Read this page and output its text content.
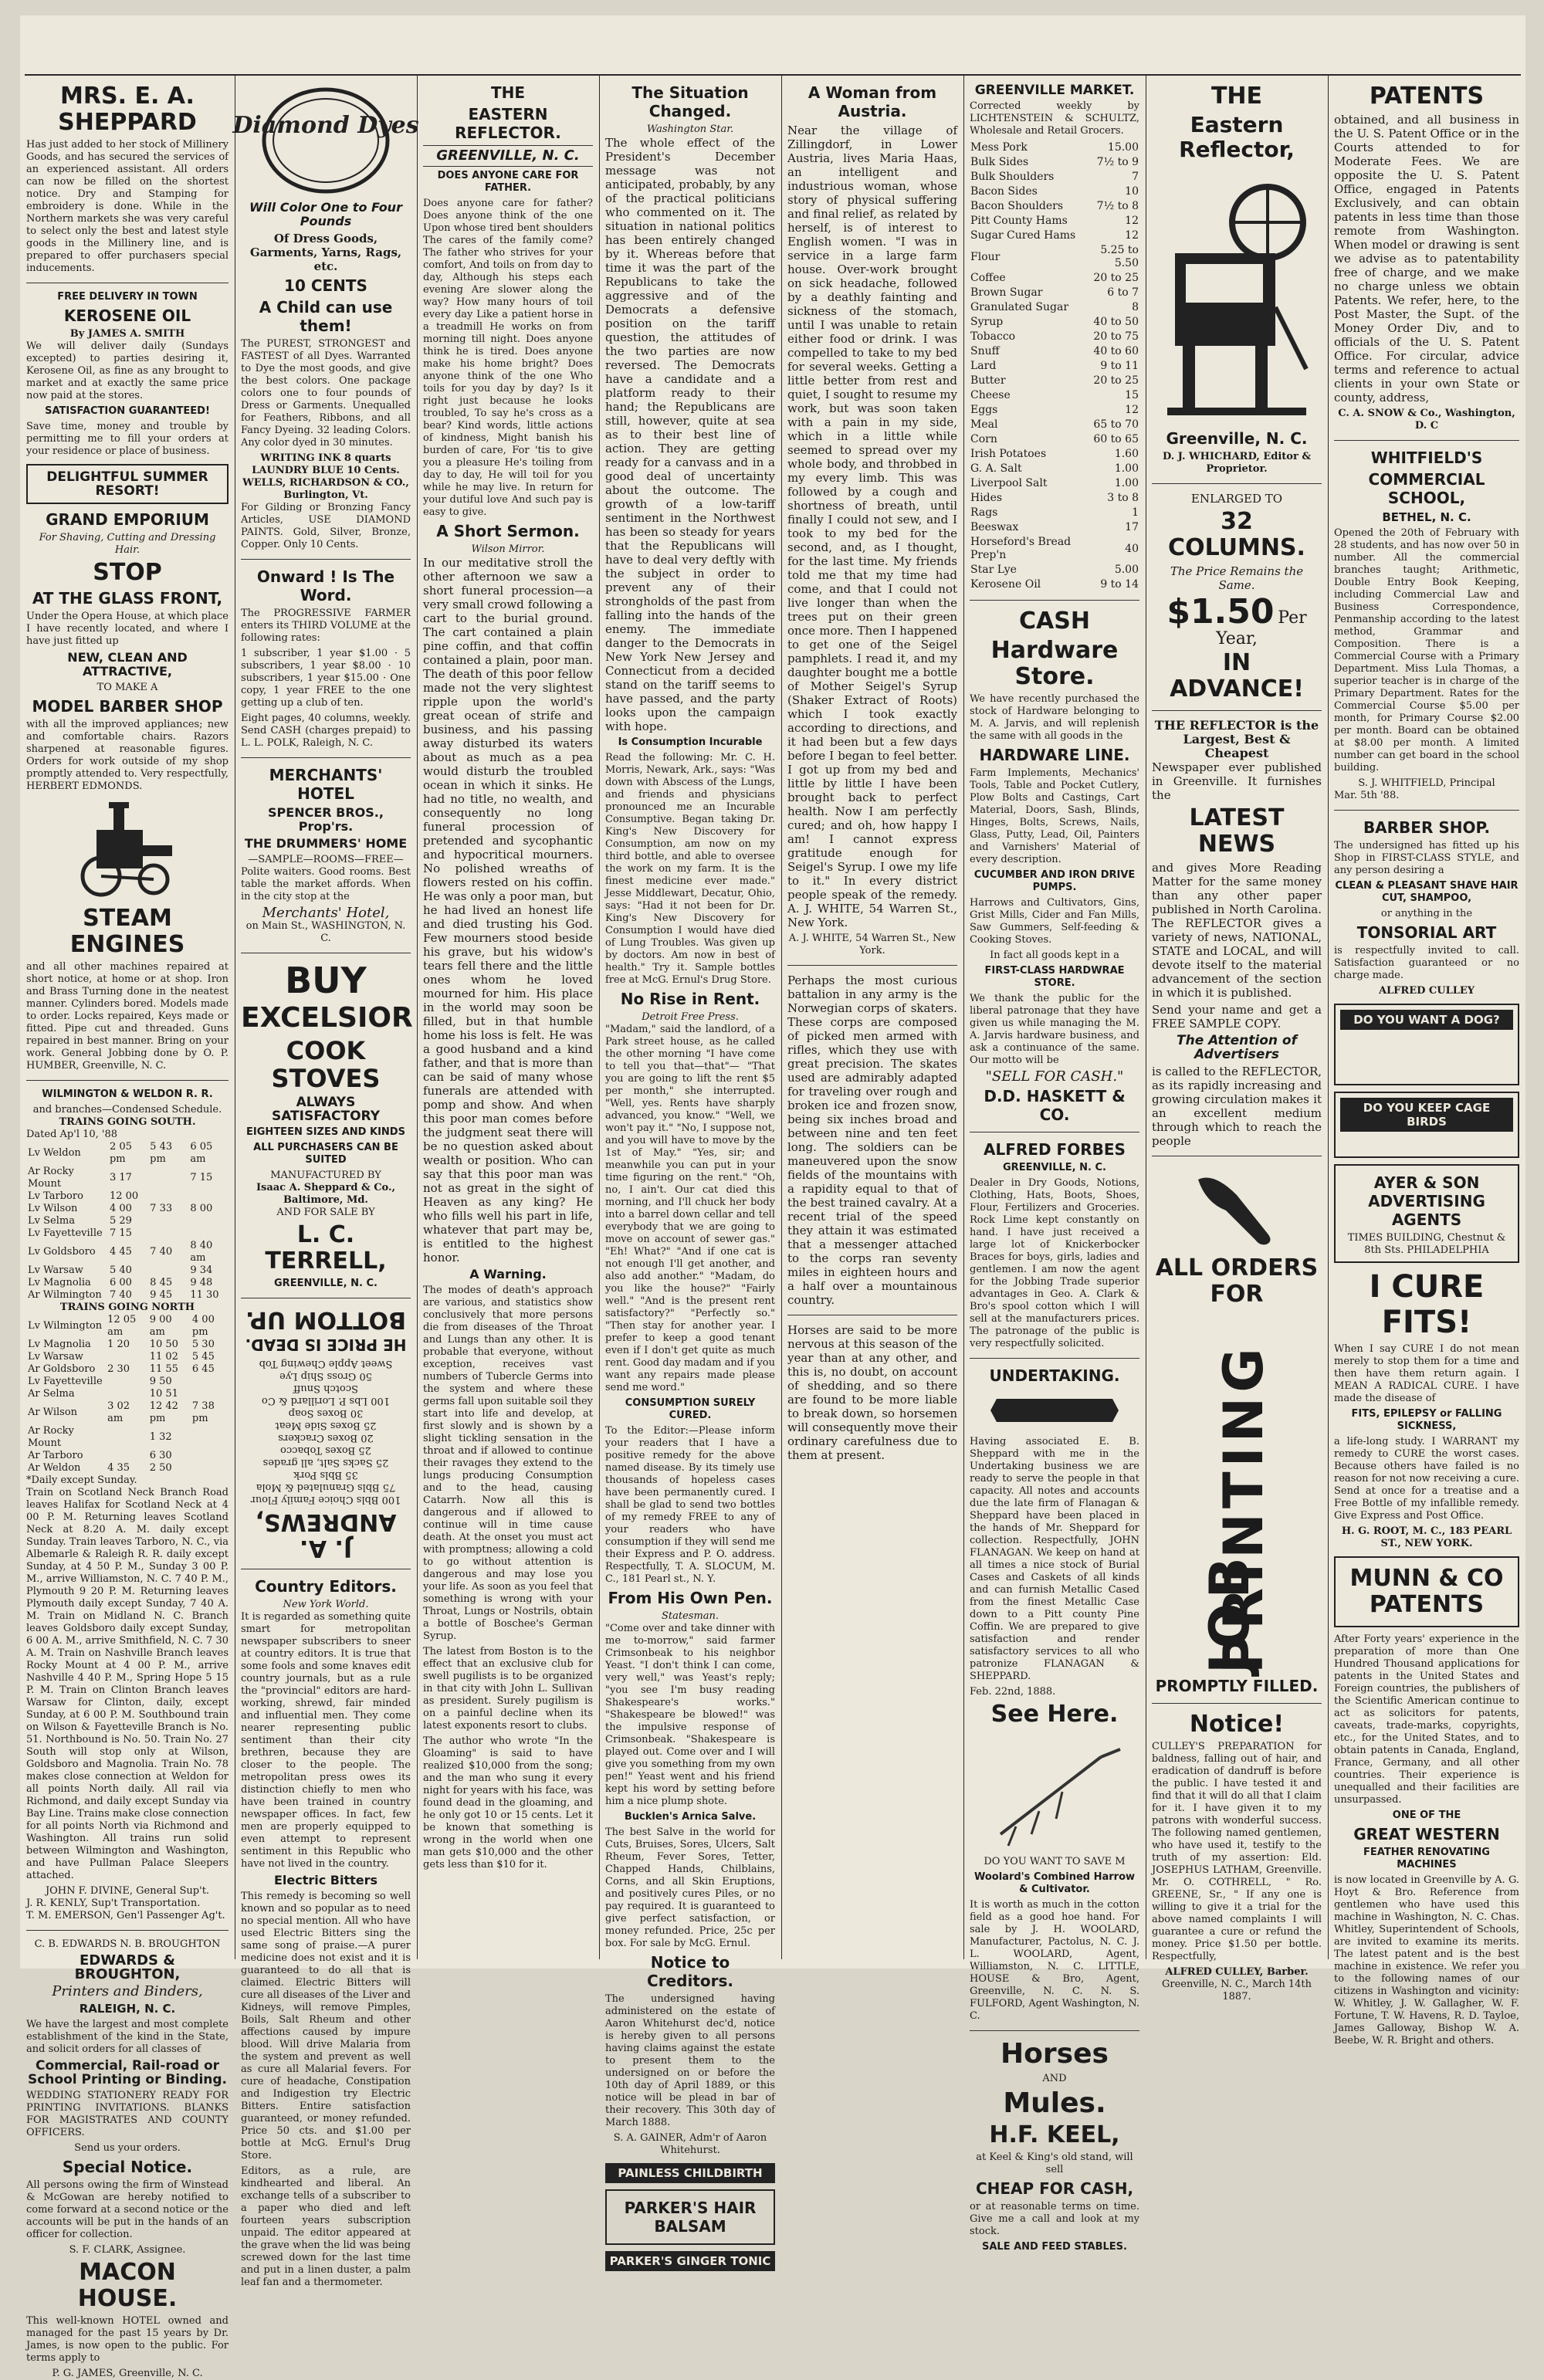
MRS. E. A. SHEPPARD

Has just added to her stock of Millinery Goods, and has secured the services of an experienced assistant. All orders can now be filled on the shortest notice. Dry and Stamping for embroidery is done. While in the Northern markets she was very careful to select only the best and latest style goods in the Millinery line, and is prepared to offer purchasers special inducements.

FREE DELIVERY IN TOWN
KEROSENE OIL
By JAMES A. SMITH

We will deliver daily (Sundays excepted) to parties desiring it, Kerosene Oil, as fine as any brought to market and at exactly the same price now paid at the stores.

SATISFACTION GUARANTEED!

Save time, money and trouble by permitting me to fill your orders at your residence or place of business.

DELIGHTFUL SUMMER RESORT!
GRAND EMPORIUM
For Shaving, Cutting and Dressing Hair.
STOP
AT THE GLASS FRONT,

Under the Opera House, at which place I have recently located, and where I have just fitted up

NEW, CLEAN AND ATTRACTIVE,
TO MAKE A
MODEL BARBER SHOP

with all the improved appliances; new and comfortable chairs. Razors sharpened at reasonable figures. Orders for work outside of my shop promptly attended to. Very respectfully, HERBERT EDMONDS.

STEAM ENGINES

and all other machines repaired at short notice, at home or at shop. Iron and Brass Turning done in the neatest manner. Cylinders bored. Models made to order. Locks repaired, Keys made or fitted. Pipe cut and threaded. Guns repaired in best manner. Bring on your work. General Jobbing done by O. P. HUMBER, Greenville, N. C.

WILMINGTON & WELDON R. R.
and branches—Condensed Schedule.
TRAINS GOING SOUTH.
Dated Ap'l 10, '88
Lv Weldon	2 05 pm	5 43 pm	6 05 am
Ar Rocky Mount	3 17		7 15
Lv Tarboro	12 00		
Lv Wilson	4 00	7 33	8 00
Lv Selma	5 29		
Lv Fayetteville	7 15		
Lv Goldsboro	4 45	7 40	8 40 am
Lv Warsaw	5 40		9 34
Lv Magnolia	6 00	8 45	9 48
Ar Wilmington	7 40	9 45	11 30
TRAINS GOING NORTH
Lv Wilmington	12 05 am	9 00 am	4 00 pm
Lv Magnolia	1 20	10 50	5 30
Lv Warsaw		11 02	5 45
Ar Goldsboro	2 30	11 55	6 45
Lv Fayetteville		9 50	
Ar Selma		10 51	
Ar Wilson	3 02 am	12 42 pm	7 38 pm
Ar Rocky Mount		1 32	
Ar Tarboro		6 30	
Ar Weldon	4 35	2 50	
*Daily except Sunday.

Train on Scotland Neck Branch Road leaves Halifax for Scotland Neck at 4 00 P. M. Returning leaves Scotland Neck at 8.20 A. M. daily except Sunday. Train leaves Tarboro, N. C., via Albemarle & Raleigh R. R. daily except Sunday, at 4 50 P. M., Sunday 3 00 P. M., arrive Williamston, N. C. 7 40 P. M., Plymouth 9 20 P. M. Returning leaves Plymouth daily except Sunday, 7 40 A. M. Train on Midland N. C. Branch leaves Goldsboro daily except Sunday, 6 00 A. M., arrive Smithfield, N. C. 7 30 A. M. Train on Nashville Branch leaves Rocky Mount at 4 00 P. M., arrive Nashville 4 40 P. M., Spring Hope 5 15 P. M. Train on Clinton Branch leaves Warsaw for Clinton, daily, except Sunday, at 6 00 P. M. Southbound train on Wilson & Fayetteville Branch is No. 51. Northbound is No. 50. Train No. 27 South will stop only at Wilson, Goldsboro and Magnolia. Train No. 78 makes close connection at Weldon for all points North daily. All rail via Richmond, and daily except Sunday via Bay Line. Trains make close connection for all points North via Richmond and Washington. All trains run solid between Wilmington and Washington, and have Pullman Palace Sleepers attached.

JOHN F. DIVINE, General Sup't.
J. R. KENLY, Sup't Transportation.
T. M. EMERSON, Gen'l Passenger Ag't.
C. B. EDWARDS N. B. BROUGHTON
EDWARDS & BROUGHTON,
Printers and Binders,
RALEIGH, N. C.

We have the largest and most complete establishment of the kind in the State, and solicit orders for all classes of

Commercial, Rail-road or School Printing or Binding.

WEDDING STATIONERY READY FOR PRINTING INVITATIONS. BLANKS FOR MAGISTRATES AND COUNTY OFFICERS.

Send us your orders.
Special Notice.

All persons owing the firm of Winstead & McGowan are hereby notified to come forward at a second notice or the accounts will be put in the hands of an officer for collection.

S. F. CLARK, Assignee.
MACON HOUSE.

This well-known HOTEL owned and managed for the past 15 years by Dr. James, is now open to the public. For terms apply to

P. G. JAMES, Greenville, N. C.
Diamond Dyes
Will Color One to Four Pounds
Of Dress Goods, Garments, Yarns, Rags, etc.
10 CENTS
A Child can use them!

The PUREST, STRONGEST and FASTEST of all Dyes. Warranted to Dye the most goods, and give the best colors. One package colors one to four pounds of Dress or Garments. Unequalled for Feathers, Ribbons, and all Fancy Dyeing. 32 leading Colors. Any color dyed in 30 minutes.

WRITING INK 8 quarts LAUNDRY BLUE 10 Cents.
WELLS, RICHARDSON & CO., Burlington, Vt.

For Gilding or Bronzing Fancy Articles, USE DIAMOND PAINTS. Gold, Silver, Bronze, Copper. Only 10 Cents.

Onward ! Is The Word.

The PROGRESSIVE FARMER enters its THIRD VOLUME at the following rates:

1 subscriber, 1 year $1.00 · 5 subscribers, 1 year $8.00 · 10 subscribers, 1 year $15.00 · One copy, 1 year FREE to the one getting up a club of ten.

Eight pages, 40 columns, weekly. Send CASH (charges prepaid) to L. L. POLK, Raleigh, N. C.

MERCHANTS' HOTEL
SPENCER BROS., Prop'rs.
THE DRUMMERS' HOME
—SAMPLE—ROOMS—FREE—

Polite waiters. Good rooms. Best table the market affords. When in the city stop at the

Merchants' Hotel,
on Main St., WASHINGTON, N. C.
BUY
EXCELSIOR
COOK STOVES
ALWAYS SATISFACTORY
EIGHTEEN SIZES AND KINDS
ALL PURCHASERS CAN BE SUITED
MANUFACTURED BY
Isaac A. Sheppard & Co., Baltimore, Md.
AND FOR SALE BY
L. C. TERRELL,
GREENVILLE, N. C.
J. A. ANDREWS,
100 Bbls Choice Family Flour
75 Bbls Granulated & Mola
35 Bbls Pork
25 Sacks Salt, all grades
25 Boxes Tobacco
20 Boxes Crackers
25 Boxes Side Meat
30 Boxes Soap
100 Lbs P. Lorillard & Co
Scotch Snuff
50 Gross Ship Lye
Sweet Apple Chewing Tob
HE PRICE IS DEAD.
BOTTOM UP.
Country Editors.
New York World.

It is regarded as something quite smart for metropolitan newspaper subscribers to sneer at country editors. It is true that some fools and some knaves edit country journals, but as a rule the "provincial" editors are hard-working, shrewd, fair minded and influential men. They come nearer representing public sentiment than their city brethren, because they are closer to the people. The metropolitan press owes its distinction chiefly to men who have been trained in country newspaper offices. In fact, few men are properly equipped to even attempt to represent sentiment in this Republic who have not lived in the country.

Electric Bitters

This remedy is becoming so well known and so popular as to need no special mention. All who have used Electric Bitters sing the same song of praise.—A purer medicine does not exist and it is guaranteed to do all that is claimed. Electric Bitters will cure all diseases of the Liver and Kidneys, will remove Pimples, Boils, Salt Rheum and other affections caused by impure blood. Will drive Malaria from the system and prevent as well as cure all Malarial fevers. For cure of headache, Constipation and Indigestion try Electric Bitters. Entire satisfaction guaranteed, or money refunded. Price 50 cts. and $1.00 per bottle at McG. Ernul's Drug Store.

Editors, as a rule, are kindhearted and liberal. An exchange tells of a subscriber to a paper who died and left fourteen years subscription unpaid. The editor appeared at the grave when the lid was being screwed down for the last time and put in a linen duster, a palm leaf fan and a thermometer.

THE
EASTERN REFLECTOR.
GREENVILLE, N. C.
DOES ANYONE CARE FOR FATHER.

Does anyone care for father? Does anyone think of the one Upon whose tired bent shoulders The cares of the family come? The father who strives for your comfort, And toils on from day to day, Although his steps each evening Are slower along the way? How many hours of toil every day Like a patient horse in a treadmill He works on from morning till night. Does anyone think he is tired. Does anyone make his home bright? Does anyone think of the one Who toils for you day by day? Is it right just because he looks troubled, To say he's cross as a bear? Kind words, little actions of kindness, Might banish his burden of care, For 'tis to give you a pleasure He's toiling from day to day, He will toil for you while he may live. In return for your dutiful love And such pay is easy to give.

A Short Sermon.
Wilson Mirror.

In our meditative stroll the other afternoon we saw a short funeral procession—a very small crowd following a cart to the burial ground. The cart contained a plain pine coffin, and that coffin contained a plain, poor man. The death of this poor fellow made not the very slightest ripple upon the world's great ocean of strife and business, and his passing away disturbed its waters about as much as a pea would disturb the troubled ocean in which it sinks. He had no title, no wealth, and consequently no long funeral procession of pretended and sycophantic and hypocritical mourners. No polished wreaths of flowers rested on his coffin. He was only a poor man, but he had lived an honest life and died trusting his God. Few mourners stood beside his grave, but his widow's tears fell there and the little ones whom he loved mourned for him. His place in the world may soon be filled, but in that humble home his loss is felt. He was a good husband and a kind father, and that is more than can be said of many whose funerals are attended with pomp and show. And when this poor man comes before the judgment seat there will be no question asked about wealth or position. Who can say that this poor man was not as great in the sight of Heaven as any king? He who fills well his part in life, whatever that part may be, is entitled to the highest honor.

A Warning.

The modes of death's approach are various, and statistics show conclusively that more persons die from diseases of the Throat and Lungs than any other. It is probable that everyone, without exception, receives vast numbers of Tubercle Germs into the system and where these germs fall upon suitable soil they start into life and develop, at first slowly and is shown by a slight tickling sensation in the throat and if allowed to continue their ravages they extend to the lungs producing Consumption and to the head, causing Catarrh. Now all this is dangerous and if allowed to continue will in time cause death. At the onset you must act with promptness; allowing a cold to go without attention is dangerous and may lose you your life. As soon as you feel that something is wrong with your Throat, Lungs or Nostrils, obtain a bottle of Boschee's German Syrup.

The latest from Boston is to the effect that an exclusive club for swell pugilists is to be organized in that city with John L. Sullivan as president. Surely pugilism is on a painful decline when its latest exponents resort to clubs.

The author who wrote "In the Gloaming" is said to have realized $10,000 from the song; and the man who sung it every night for years with his face, was found dead in the gloaming, and he only got 10 or 15 cents. Let it be known that something is wrong in the world when one man gets $10,000 and the other gets less than $10 for it.

The Situation Changed.
Washington Star.

The whole effect of the President's December message was not anticipated, probably, by any of the practical politicians who commented on it. The situation in national politics has been entirely changed by it. Whereas before that time it was the part of the Republicans to take the aggressive and of the Democrats a defensive position on the tariff question, the attitudes of the two parties are now reversed. The Democrats have a candidate and a platform ready to their hand; the Republicans are still, however, quite at sea as to their best line of action. They are getting ready for a canvass and in a good deal of uncertainty about the outcome. The growth of a low-tariff sentiment in the Northwest has been so steady for years that the Republicans will have to deal very deftly with the subject in order to prevent any of their strongholds of the past from falling into the hands of the enemy. The immediate danger to the Democrats in New York New Jersey and Connecticut from a decided stand on the tariff seems to have passed, and the party looks upon the campaign with hope.

Is Consumption Incurable

Read the following: Mr. C. H. Morris, Newark, Ark., says: "Was down with Abscess of the Lungs, and friends and physicians pronounced me an Incurable Consumptive. Began taking Dr. King's New Discovery for Consumption, am now on my third bottle, and able to oversee the work on my farm. It is the finest medicine ever made." Jesse Middlewart, Decatur, Ohio, says: "Had it not been for Dr. King's New Discovery for Consumption I would have died of Lung Troubles. Was given up by doctors. Am now in best of health." Try it. Sample bottles free at McG. Ernul's Drug Store.

No Rise in Rent.
Detroit Free Press.

"Madam," said the landlord, of a Park street house, as he called the other morning "I have come to tell you that—that"— "That you are going to lift the rent $5 per month," she interrupted. "Well, yes. Rents have sharply advanced, you know." "Well, we won't pay it." "No, I suppose not, and you will have to move by the 1st of May." "Yes, sir; and meanwhile you can put in your time figuring on the rent." "Oh, no, I ain't. Our cat died this morning, and I'll chuck her body into a barrel down cellar and tell everybody that we are going to move on account of sewer gas." "Eh! What?" "And if one cat is not enough I'll get another, and also add another." "Madam, do you like the house?" "Fairly well." "And is the present rent satisfactory?" "Perfectly so." "Then stay for another year. I prefer to keep a good tenant even if I don't get quite as much rent. Good day madam and if you want any repairs made please send me word."

CONSUMPTION SURELY CURED.

To the Editor:—Please inform your readers that I have a positive remedy for the above named disease. By its timely use thousands of hopeless cases have been permanently cured. I shall be glad to send two bottles of my remedy FREE to any of your readers who have consumption if they will send me their Express and P. O. address. Respectfully, T. A. SLOCUM, M. C., 181 Pearl st., N. Y.

From His Own Pen.
Statesman.

"Come over and take dinner with me to-morrow," said farmer Crimsonbeak to his neighbor Yeast. "I don't think I can come, very well," was Yeast's reply; "you see I'm busy reading Shakespeare's works." "Shakespeare be blowed!" was the impulsive response of Crimsonbeak. "Shakespeare is played out. Come over and I will give you something from my own pen!" Yeast went and his friend kept his word by setting before him a nice plump shote.

Bucklen's Arnica Salve.

The best Salve in the world for Cuts, Bruises, Sores, Ulcers, Salt Rheum, Fever Sores, Tetter, Chapped Hands, Chilblains, Corns, and all Skin Eruptions, and positively cures Piles, or no pay required. It is guaranteed to give perfect satisfaction, or money refunded. Price, 25c per box. For sale by McG. Ernul.

Notice to Creditors.

The undersigned having administered on the estate of Aaron Whitehurst dec'd, notice is hereby given to all persons having claims against the estate to present them to the undersigned on or before the 10th day of April 1889, or this notice will be plead in bar of their recovery. This 30th day of March 1888.

S. A. GAINER, Adm'r of Aaron Whitehurst.
PAINLESS CHILDBIRTH
PARKER'S HAIR BALSAM
PARKER'S GINGER TONIC
A Woman from Austria.

Near the village of Zillingdorf, in Lower Austria, lives Maria Haas, an intelligent and industrious woman, whose story of physical suffering and final relief, as related by herself, is of interest to English women. "I was in service in a large farm house. Over-work brought on sick headache, followed by a deathly fainting and sickness of the stomach, until I was unable to retain either food or drink. I was compelled to take to my bed for several weeks. Getting a little better from rest and quiet, I sought to resume my work, but was soon taken with a pain in my side, which in a little while seemed to spread over my whole body, and throbbed in my every limb. This was followed by a cough and shortness of breath, until finally I could not sew, and I took to my bed for the second, and, as I thought, for the last time. My friends told me that my time had come, and that I could not live longer than when the trees put on their green once more. Then I happened to get one of the Seigel pamphlets. I read it, and my daughter bought me a bottle of Mother Seigel's Syrup (Shaker Extract of Roots) which I took exactly according to directions, and it had been but a few days before I began to feel better. I got up from my bed and little by little I have been brought back to perfect health. Now I am perfectly cured; and oh, how happy I am! I cannot express gratitude enough for Seigel's Syrup. I owe my life to it." In every district people speak of the remedy. A. J. WHITE, 54 Warren St., New York.

A. J. WHITE, 54 Warren St., New York.

Perhaps the most curious battalion in any army is the Norwegian corps of skaters. These corps are composed of picked men armed with rifles, which they use with great precision. The skates used are admirably adapted for traveling over rough and broken ice and frozen snow, being six inches broad and between nine and ten feet long. The soldiers can be maneuvered upon the snow fields of the mountains with a rapidity equal to that of the best trained cavalry. At a recent trial of the speed they attain it was estimated that a messenger attached to the corps ran seventy miles in eighteen hours and a half over a mountainous country.

Horses are said to be more nervous at this season of the year than at any other, and this is, no doubt, on account of shedding, and so there are found to be more liable to break down, so horsemen will consequently move their ordinary carefulness due to them at present.

GREENVILLE MARKET.

Corrected weekly by LICHTENSTEIN & SCHULTZ, Wholesale and Retail Grocers.

Mess Pork	15.00
Bulk Sides	7½ to 9
Bulk Shoulders	7
Bacon Sides	10
Bacon Shoulders	7½ to 8
Pitt County Hams	12
Sugar Cured Hams	12
Flour	5.25 to 5.50
Coffee	20 to 25
Brown Sugar	6 to 7
Granulated Sugar	8
Syrup	40 to 50
Tobacco	20 to 75
Snuff	40 to 60
Lard	9 to 11
Butter	20 to 25
Cheese	15
Eggs	12
Meal	65 to 70
Corn	60 to 65
Irish Potatoes	1.60
G. A. Salt	1.00
Liverpool Salt	1.00
Hides	3 to 8
Rags	1
Beeswax	17
Horseford's Bread Prep'n	40
Star Lye	5.00
Kerosene Oil	9 to 14
CASH
Hardware Store.

We have recently purchased the stock of Hardware belonging to M. A. Jarvis, and will replenish the same with all goods in the

HARDWARE LINE.

Farm Implements, Mechanics' Tools, Table and Pocket Cutlery, Plow Bolts and Castings, Cart Material, Doors, Sash, Blinds, Hinges, Bolts, Screws, Nails, Glass, Putty, Lead, Oil, Painters and Varnishers' Material of every description.

CUCUMBER AND IRON DRIVE PUMPS.

Harrows and Cultivators, Gins, Grist Mills, Cider and Fan Mills, Saw Gummers, Self-feeding & Cooking Stoves.

In fact all goods kept in a
FIRST-CLASS HARDWRAE STORE.

We thank the public for the liberal patronage that they have given us while managing the M. A. Jarvis hardware business, and ask a continuance of the same. Our motto will be

"SELL FOR CASH."
D.D. HASKETT & CO.
ALFRED FORBES
GREENVILLE, N. C.

Dealer in Dry Goods, Notions, Clothing, Hats, Boots, Shoes, Flour, Fertilizers and Groceries. Rock Lime kept constantly on hand. I have just received a large lot of Knickerbocker Braces for boys, girls, ladies and gentlemen. I am now the agent for the Jobbing Trade superior advantages in Geo. A. Clark & Bro's spool cotton which I will sell at the manufacturers prices. The patronage of the public is very respectfully solicited.

UNDERTAKING.

Having associated E. B. Sheppard with me in the Undertaking business we are ready to serve the people in that capacity. All notes and accounts due the late firm of Flanagan & Sheppard have been placed in the hands of Mr. Sheppard for collection. Respectfully, JOHN FLANAGAN. We keep on hand at all times a nice stock of Burial Cases and Caskets of all kinds and can furnish Metallic Cased from the finest Metallic Case down to a Pitt county Pine Coffin. We are prepared to give satisfaction and render satisfactory services to all who patronize FLANAGAN & SHEPPARD.

Feb. 22nd, 1888.
See Here.
DO YOU WANT TO SAVE M
Woolard's Combined Harrow & Cultivator.

It is worth as much in the cotton field as a good hoe hand. For sale by J. H. WOOLARD, Manufacturer, Pactolus, N. C. J. L. WOOLARD, Agent, Williamston, N. C. LITTLE, HOUSE & Bro, Agent, Greenville, N. C. N. S. FULFORD, Agent Washington, N. C.

Horses
AND
Mules.
H.F. KEEL,
at Keel & King's old stand, will sell
CHEAP FOR CASH,

or at reasonable terms on time. Give me a call and look at my stock.

SALE AND FEED STABLES.
THE
Eastern Reflector,
Greenville, N. C.
D. J. WHICHARD, Editor & Proprietor.
ENLARGED TO
32 COLUMNS.
The Price Remains the Same.
$1.50 Per Year,
IN ADVANCE!
THE REFLECTOR is the Largest, Best & Cheapest

Newspaper ever published in Greenville. It furnishes the

LATEST NEWS

and gives More Reading Matter for the same money than any other paper published in North Carolina. The REFLECTOR gives a variety of news, NATIONAL, STATE and LOCAL, and will devote itself to the material advancement of the section in which it is published.

Send your name and get a FREE SAMPLE COPY.

The Attention of Advertisers

is called to the REFLECTOR, as its rapidly increasing and growing circulation makes it an excellent medium through which to reach the people

ALL ORDERS FOR
JOB PRINTING
PROMPTLY FILLED.
Notice!

CULLEY'S PREPARATION for baldness, falling out of hair, and eradication of dandruff is before the public. I have tested it and find that it will do all that I claim for it. I have given it to my patrons with wonderful success. The following named gentlemen, who have used it, testify to the truth of my assertion: Eld. JOSEPHUS LATHAM, Greenville. Mr. O. COTHRELL, " Ro. GREENE, Sr., " If any one is willing to give it a trial for the above named complaints I will guarantee a cure or refund the money. Price $1.50 per bottle. Respectfully,

ALFRED CULLEY, Barber.
Greenville, N. C., March 14th 1887.
PATENTS

obtained, and all business in the U. S. Patent Office or in the Courts attended to for Moderate Fees. We are opposite the U. S. Patent Office, engaged in Patents Exclusively, and can obtain patents in less time than those remote from Washington. When model or drawing is sent we advise as to patentability free of charge, and we make no charge unless we obtain Patents. We refer, here, to the Post Master, the Supt. of the Money Order Div, and to officials of the U. S. Patent Office. For circular, advice terms and reference to actual clients in your own State or county, address,

C. A. SNOW & Co., Washington, D. C
WHITFIELD'S
COMMERCIAL SCHOOL,
BETHEL, N. C.

Opened the 20th of February with 28 students, and has now over 50 in number. All the commercial branches taught; Arithmetic, Double Entry Book Keeping, including Commercial Law and Business Correspondence, Penmanship according to the latest method, Grammar and Composition. There is a Commercial Course with a Primary Department. Miss Lula Thomas, a superior teacher is in charge of the Primary Department. Rates for the Commercial Course $5.00 per month, for Primary Course $2.00 per month. Board can be obtained at $8.00 per month. A limited number can get board in the school building.

S. J. WHITFIELD, Principal
Mar. 5th '88.
BARBER SHOP.

The undersigned has fitted up his Shop in FIRST-CLASS STYLE, and any person desiring a

CLEAN & PLEASANT SHAVE HAIR CUT, SHAMPOO,
or anything in the
TONSORIAL ART

is respectfully invited to call. Satisfaction guaranteed or no charge made.

ALFRED CULLEY
DO YOU WANT A DOG?
DO YOU KEEP CAGE BIRDS
AYER & SON ADVERTISING AGENTS
TIMES BUILDING, Chestnut & 8th Sts. PHILADELPHIA
I CURE FITS!

When I say CURE I do not mean merely to stop them for a time and then have them return again. I MEAN A RADICAL CURE. I have made the disease of

FITS, EPILEPSY or FALLING SICKNESS,

a life-long study. I WARRANT my remedy to CURE the worst cases. Because others have failed is no reason for not now receiving a cure. Send at once for a treatise and a Free Bottle of my infallible remedy. Give Express and Post Office.

H. G. ROOT, M. C., 183 PEARL ST., NEW YORK.
MUNN & CO PATENTS

After Forty years' experience in the preparation of more than One Hundred Thousand applications for patents in the United States and Foreign countries, the publishers of the Scientific American continue to act as solicitors for patents, caveats, trade-marks, copyrights, etc., for the United States, and to obtain patents in Canada, England, France, Germany, and all other countries. Their experience is unequalled and their facilities are unsurpassed.

ONE OF THE
GREAT WESTERN
FEATHER RENOVATING MACHINES

is now located in Greenville by A. G. Hoyt & Bro. Reference from gentlemen who have used this machine in Washington, N. C. Chas. Whitley, Superintendent of Schools, are invited to examine its merits. The latest patent and is the best machine in existence. We refer you to the following names of our citizens in Washington and vicinity: W. Whitley, J. W. Gallagher, W. F. Fortune, T. W. Havens, R. D. Tayloe, James Galloway, Bishop W. A. Beebe, W. R. Bright and others.
